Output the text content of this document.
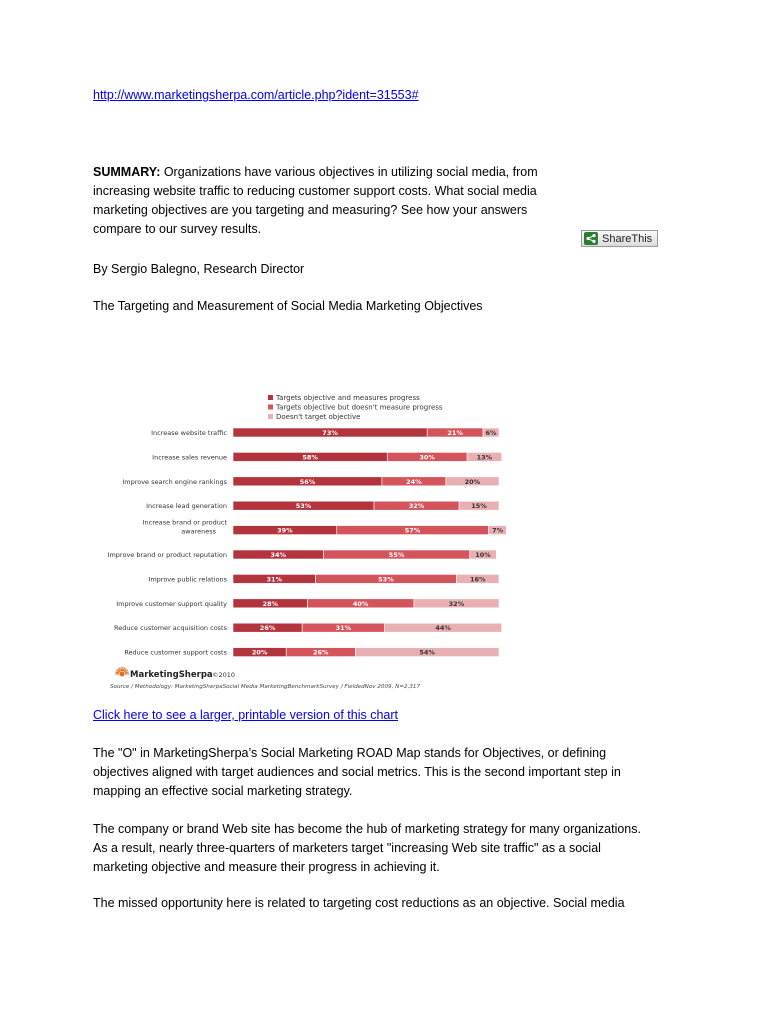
http://www.marketingsherpa.com/article.php?ident=31553#

SUMMARY: Organizations have various objectives in utilizing social media, from
increasing website traffic to reducing customer support costs. What social media
marketing objectives are you targeting and measuring? See how your answers
compare to our survey results.

ShareThis

By Sergio Balegno, Research Director

The Targeting and Measurement of Social Media Marketing Objectives

Targets objective and measures progress
Targets objective but doesn't measure progress
Doesn't target objective
Increase website traffic	73%	21%	6%
Increase sales revenue	58%	30%	13%
Improve search engine rankings	56%	24%	20%
Increase lead generation	53%	32%	15%
Increase brand or product
awareness	39%	57%	7%
Improve brand or product reputation	34%	55%	10%
Improve public relations	31%	53%	16%
Improve customer support quality	28%	40%	32%
Reduce customer acquisition costs	26%	31%	44%
Reduce customer support costs	20%	26%	54%
MarketingSherpa ©2010
Source / Methodology: MarketingSherpaSocial Media MarketingBenchmarkSurvey / FieldedNov 2009, N=2,317
Click here to see a larger, printable version of this chart

The "O" in MarketingSherpa’s Social Marketing ROAD Map stands for Objectives, or defining
objectives aligned with target audiences and social metrics. This is the second important step in
mapping an effective social marketing strategy.

The company or brand Web site has become the hub of marketing strategy for many organizations.
As a result, nearly three-quarters of marketers target "increasing Web site traffic" as a social
marketing objective and measure their progress in achieving it.

The missed opportunity here is related to targeting cost reductions as an objective. Social media
